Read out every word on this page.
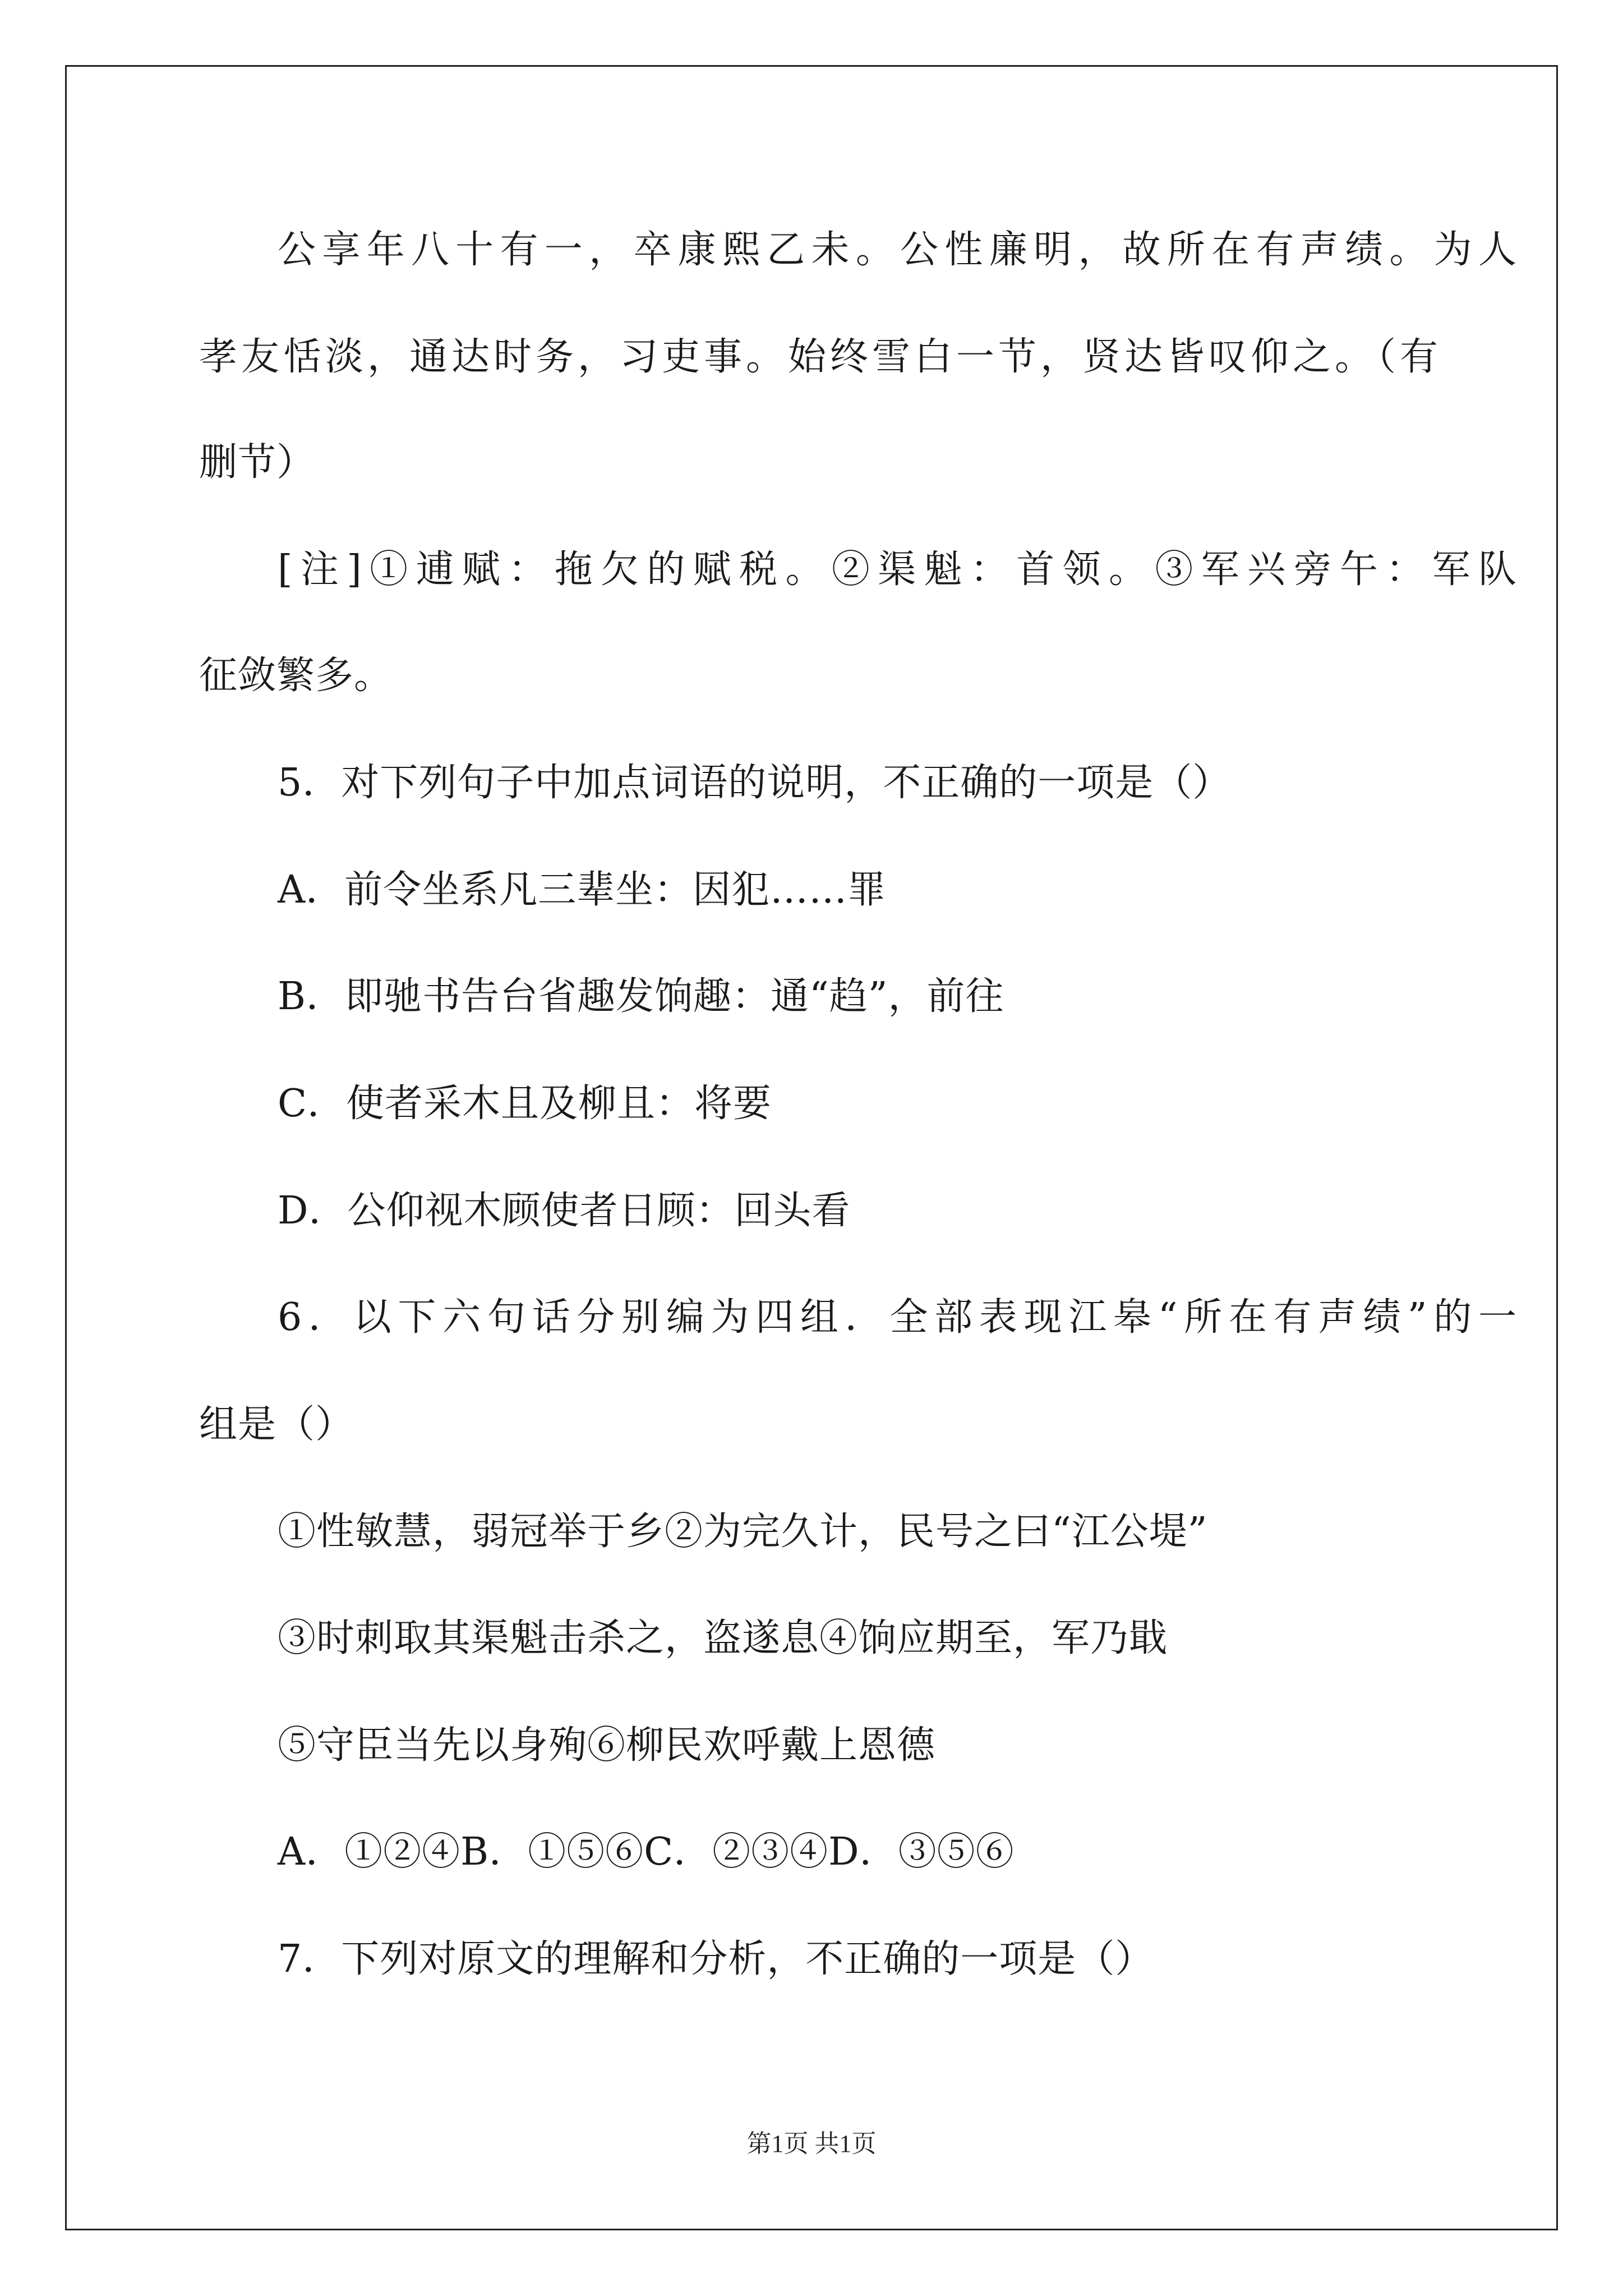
公享年八十有一，卒康熙乙未。公性廉明，故所在有声绩。为人
孝友恬淡，通达时务，习吏事。始终雪白一节，贤达皆叹仰之。（有
删节）
[注]①逋赋：拖欠的赋税。②渠魁：首领。③军兴旁午：军队
征敛繁多。
5．对下列句子中加点词语的说明，不正确的一项是（）
A．前令坐系凡三辈坐：因犯……罪
B．即驰书告台省趣发饷趣：通“趋”，前往
C．使者采木且及柳且：将要
D．公仰视木顾使者日顾：回头看
6．以下六句话分别编为四组．全部表现江皋“所在有声绩”的一
组是（）
①性敏慧，弱冠举于乡②为完久计，民号之曰“江公堤”
③时刺取其渠魁击杀之，盗遂息④饷应期至，军乃戢
⑤守臣当先以身殉⑥柳民欢呼戴上恩德
A．①②④B．①⑤⑥C．②③④D．③⑤⑥
7．下列对原文的理解和分析，不正确的一项是（）
第1页 共1页
